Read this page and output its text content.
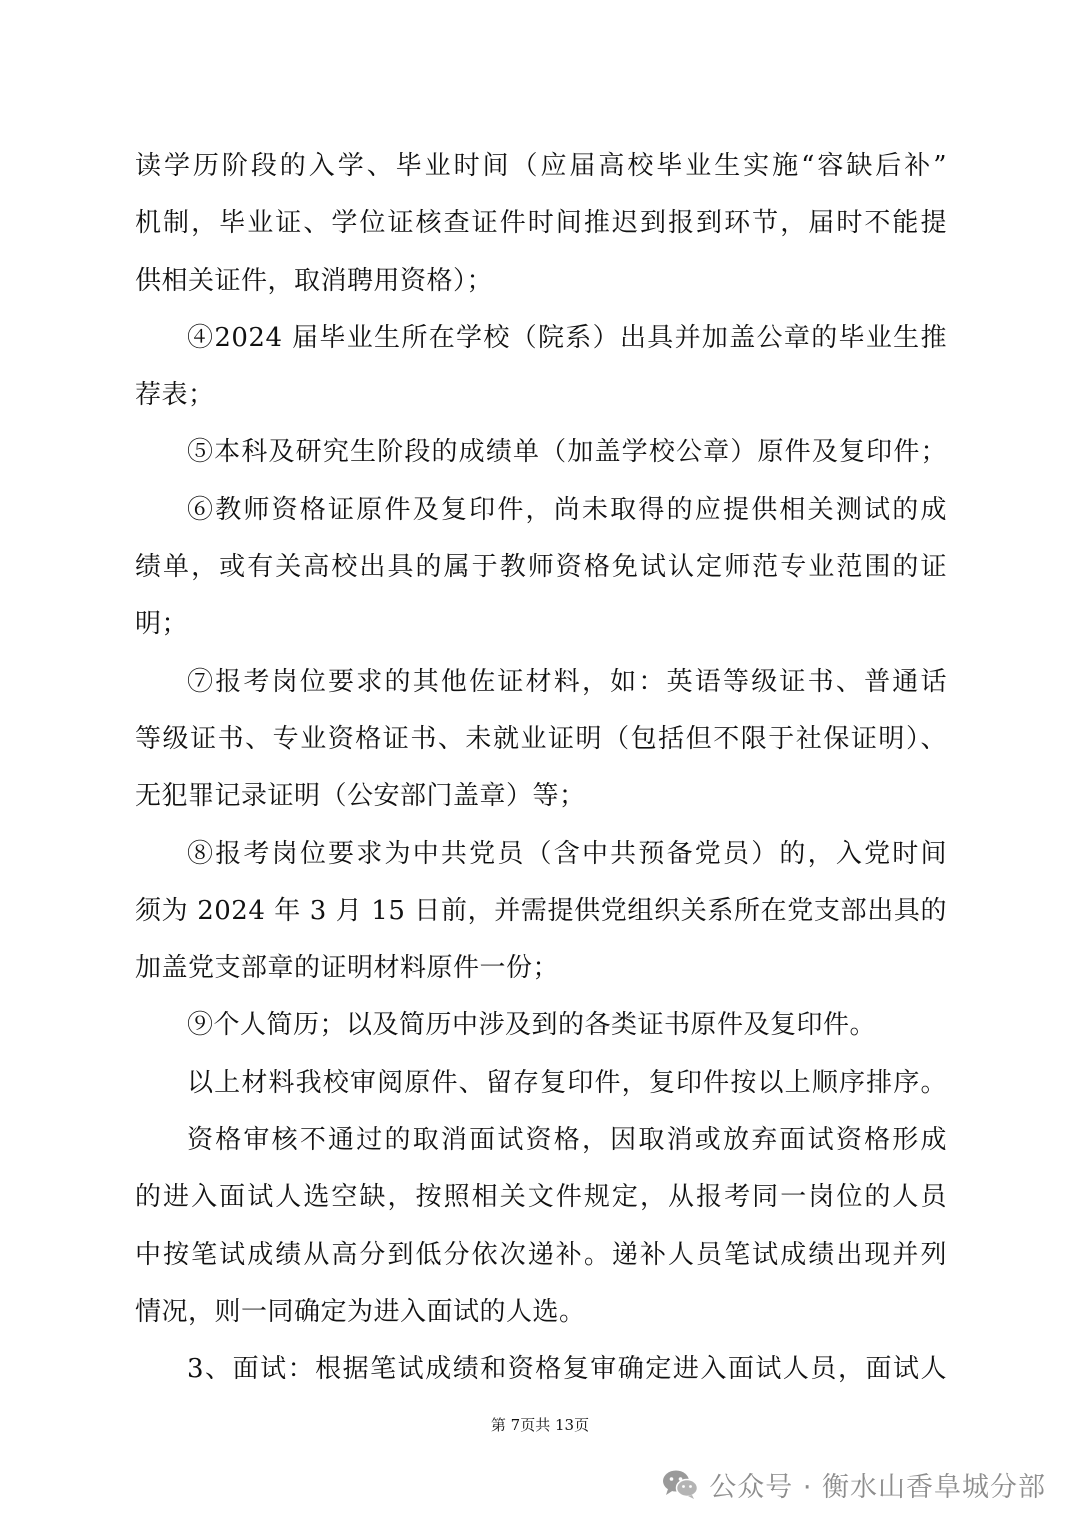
读学历阶段的入学、毕业时间（应届高校毕业生实施“容缺后补”
机制，毕业证、学位证核查证件时间推迟到报到环节，届时不能提
供相关证件，取消聘用资格）；
④2024 届毕业生所在学校（院系）出具并加盖公章的毕业生推
荐表；
⑤本科及研究生阶段的成绩单（加盖学校公章）原件及复印件；
⑥教师资格证原件及复印件，尚未取得的应提供相关测试的成
绩单，或有关高校出具的属于教师资格免试认定师范专业范围的证
明；
⑦报考岗位要求的其他佐证材料，如：英语等级证书、普通话
等级证书、专业资格证书、未就业证明（包括但不限于社保证明）、
无犯罪记录证明（公安部门盖章）等；
⑧报考岗位要求为中共党员（含中共预备党员）的，入党时间
须为 2024 年 3 月 15 日前，并需提供党组织关系所在党支部出具的
加盖党支部章的证明材料原件一份；
⑨个人简历；以及简历中涉及到的各类证书原件及复印件。
以上材料我校审阅原件、留存复印件，复印件按以上顺序排序。
资格审核不通过的取消面试资格，因取消或放弃面试资格形成
的进入面试人选空缺，按照相关文件规定，从报考同一岗位的人员
中按笔试成绩从高分到低分依次递补。递补人员笔试成绩出现并列
情况，则一同确定为进入面试的人选。
3、面试：根据笔试成绩和资格复审确定进入面试人员，面试人
第 7页共 13页
公众号 · 衡水山香阜城分部
